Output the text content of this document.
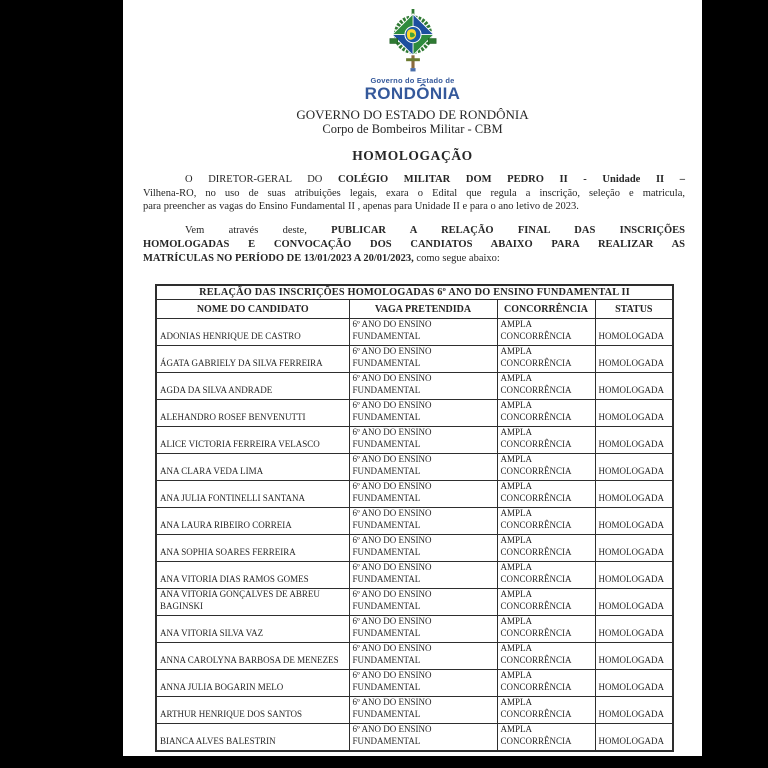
Governo do Estado de
RONDÔNIA
GOVERNO DO ESTADO DE RONDÔNIA
Corpo de Bombeiros Militar - CBM
HOMOLOGAÇÃO
O DIRETOR-GERAL DO COLÉGIO MILITAR DOM PEDRO II - Unidade II –
Vilhena-RO, no uso de suas atribuições legais, exara o Edital que regula a inscrição, seleção e matricula,
para preencher as vagas do Ensino Fundamental II , apenas para Unidade II e para o ano letivo de 2023.
Vem através deste, PUBLICAR A RELAÇÃO FINAL DAS INSCRIÇÕES
HOMOLOGADAS E CONVOCAÇÃO DOS CANDIATOS ABAIXO PARA REALIZAR AS
MATRÍCULAS NO PERÍODO DE 13/01/2023 A 20/01/2023, como segue abaixo:
RELAÇÃO DAS INSCRIÇÕES HOMOLOGADAS 6º ANO DO ENSINO FUNDAMENTAL II			
NOME DO CANDIDATO	VAGA PRETENDIDA	CONCORRÊNCIA	STATUS
ADONIAS HENRIQUE DE CASTRO	6º ANO DO ENSINO FUNDAMENTAL	AMPLA CONCORRÊNCIA	HOMOLOGADA
ÁGATA GABRIELY DA SILVA FERREIRA	6º ANO DO ENSINO FUNDAMENTAL	AMPLA CONCORRÊNCIA	HOMOLOGADA
AGDA DA SILVA ANDRADE	6º ANO DO ENSINO FUNDAMENTAL	AMPLA CONCORRÊNCIA	HOMOLOGADA
ALEHANDRO ROSEF BENVENUTTI	6º ANO DO ENSINO FUNDAMENTAL	AMPLA CONCORRÊNCIA	HOMOLOGADA
ALICE VICTORIA FERREIRA VELASCO	6º ANO DO ENSINO FUNDAMENTAL	AMPLA CONCORRÊNCIA	HOMOLOGADA
ANA CLARA VEDA LIMA	6º ANO DO ENSINO FUNDAMENTAL	AMPLA CONCORRÊNCIA	HOMOLOGADA
ANA JULIA FONTINELLI SANTANA	6º ANO DO ENSINO FUNDAMENTAL	AMPLA CONCORRÊNCIA	HOMOLOGADA
ANA LAURA RIBEIRO CORREIA	6º ANO DO ENSINO FUNDAMENTAL	AMPLA CONCORRÊNCIA	HOMOLOGADA
ANA SOPHIA SOARES FERREIRA	6º ANO DO ENSINO FUNDAMENTAL	AMPLA CONCORRÊNCIA	HOMOLOGADA
ANA VITORIA DIAS RAMOS GOMES	6º ANO DO ENSINO FUNDAMENTAL	AMPLA CONCORRÊNCIA	HOMOLOGADA
ANA VITORIA GONÇALVES DE ABREU BAGINSKI	6º ANO DO ENSINO FUNDAMENTAL	AMPLA CONCORRÊNCIA	HOMOLOGADA
ANA VITORIA SILVA VAZ	6º ANO DO ENSINO FUNDAMENTAL	AMPLA CONCORRÊNCIA	HOMOLOGADA
ANNA CAROLYNA BARBOSA DE MENEZES	6º ANO DO ENSINO FUNDAMENTAL	AMPLA CONCORRÊNCIA	HOMOLOGADA
ANNA JULIA BOGARIN MELO	6º ANO DO ENSINO FUNDAMENTAL	AMPLA CONCORRÊNCIA	HOMOLOGADA
ARTHUR HENRIQUE DOS SANTOS	6º ANO DO ENSINO FUNDAMENTAL	AMPLA CONCORRÊNCIA	HOMOLOGADA
BIANCA ALVES BALESTRIN	6º ANO DO ENSINO FUNDAMENTAL	AMPLA CONCORRÊNCIA	HOMOLOGADA
